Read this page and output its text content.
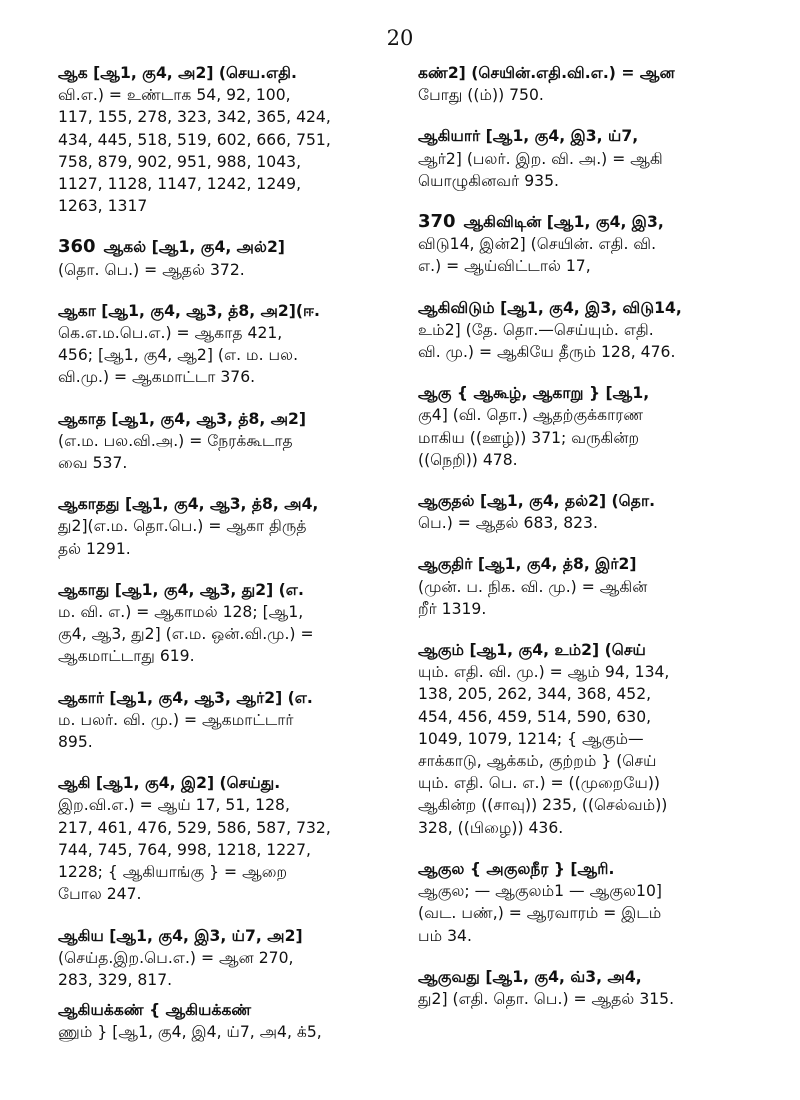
20
ஆக [ஆ1, கு4, அ2] (செய.எதி.
வி.எ.) = உண்டாக 54, 92, 100,
117, 155, 278, 323, 342, 365, 424,
434, 445, 518, 519, 602, 666, 751,
758, 879, 902, 951, 988, 1043,
1127, 1128, 1147, 1242, 1249,
1263, 1317
360 ஆகல் [ஆ1, கு4, அல்2]
(தொ. பெ.) = ஆதல் 372.
ஆகா [ஆ1, கு4, ஆ3, த்8, அ2](ஈ.
கெ.எ.ம.பெ.எ.) = ஆகாத 421,
456; [ஆ1, கு4, ஆ2] (எ. ம. பல.
வி.மு.) = ஆகமாட்டா 376.
ஆகாத [ஆ1, கு4, ஆ3, த்8, அ2]
(எ.ம. பல.வி.அ.) = நேரக்கூடாத
வை 537.
ஆகாதது [ஆ1, கு4, ஆ3, த்8, அ4,
து2](எ.ம. தொ.பெ.) = ஆகா திருத்
தல் 1291.
ஆகாது [ஆ1, கு4, ஆ3, து2] (எ.
ம. வி. எ.) = ஆகாமல் 128; [ஆ1,
கு4, ஆ3, து2] (எ.ம. ஒன்.வி.மு.) =
ஆகமாட்டாது 619.
ஆகார் [ஆ1, கு4, ஆ3, ஆர்2] (எ.
ம. பலர். வி. மு.) = ஆகமாட்டார்
895.
ஆகி [ஆ1, கு4, இ2] (செய்து.
இற.வி.எ.) = ஆய் 17, 51, 128,
217, 461, 476, 529, 586, 587, 732,
744, 745, 764, 998, 1218, 1227,
1228; { ஆகியாங்கு } = ஆறை
போல 247.
ஆகிய [ஆ1, கு4, இ3, ய்7, அ2]
(செய்த.இற.பெ.எ.) = ஆன 270,
283, 329, 817.
ஆகியக்கண் { ஆகியக்கண்
ணும் } [ஆ1, கு4, இ4, ய்7, அ4, க்5,
கண்2] (செயின்.எதி.வி.எ.) = ஆன
போது ((ம்)) 750.
ஆகியார் [ஆ1, கு4, இ3, ய்7,
ஆர்2] (பலர். இற. வி. அ.) = ஆகி
யொழுகினவர் 935.
370 ஆகிவிடின் [ஆ1, கு4, இ3,
விடு14, இன்2] (செயின். எதி. வி.
எ.) = ஆய்விட்டால் 17,
ஆகிவிடும் [ஆ1, கு4, இ3, விடு14,
உம்2] (தே. தொ.—செய்யும். எதி.
வி. மு.) = ஆகியே தீரும் 128, 476.
ஆகு { ஆகூழ், ஆகாறு } [ஆ1,
கு4] (வி. தொ.) ஆதற்குக்காரண
மாகிய ((ஊழ்)) 371; வருகின்ற
((நெறி)) 478.
ஆகுதல் [ஆ1, கு4, தல்2] (தொ.
பெ.) = ஆதல் 683, 823.
ஆகுதிர் [ஆ1, கு4, த்8, இர்2]
(முன். ப. நிக. வி. மு.) = ஆகின்
றீர் 1319.
ஆகும் [ஆ1, கு4, உம்2] (செய்
யும். எதி. வி. மு.) = ஆம் 94, 134,
138, 205, 262, 344, 368, 452,
454, 456, 459, 514, 590, 630,
1049, 1079, 1214; { ஆகும்—
சாக்காடு, ஆக்கம், குற்றம் } (செய்
யும். எதி. பெ. எ.) = ((முறையே))
ஆகின்ற ((சாவு)) 235, ((செல்வம்))
328, ((பிழை)) 436.
ஆகுல { அகுலநீர } [ஆரி.
ஆகுல; — ஆகுலம்1 — ஆகுல10]
(வட. பண்,) = ஆரவாரம் = இடம்
பம் 34.
ஆகுவது [ஆ1, கு4, வ்3, அ4,
து2] (எதி. தொ. பெ.) = ஆதல் 315.
